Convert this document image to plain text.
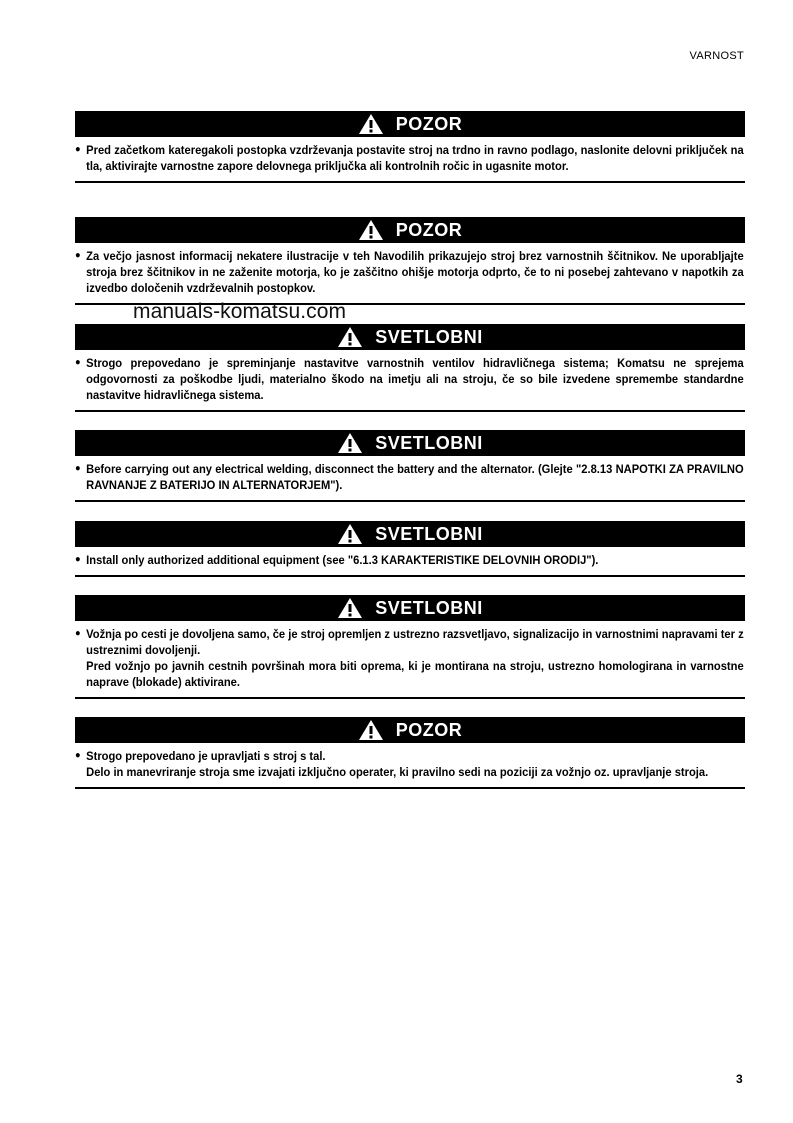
VARNOST
POZOR
● Pred začetkom kateregakoli postopka vzdrževanja postavite stroj na trdno in ravno podlago, naslonite delovni priključek na tla, aktivirajte varnostne zapore delovnega priključka ali kontrolnih ročic in ugasnite motor.

POZOR
● Za večjo jasnost informacij nekatere ilustracije v teh Navodilih prikazujejo stroj brez varnostnih ščitnikov. Ne uporabljajte stroja brez ščitnikov in ne zaženite motorja, ko je zaščitno ohišje motorja odprto, če to ni posebej zahtevano v napotkih za izvedbo določenih vzdrževalnih postopkov.

manuals-komatsu.com
SVETLOBNI
● Strogo prepovedano je spreminjanje nastavitve varnostnih ventilov hidravličnega sistema; Komatsu ne sprejema odgovornosti za poškodbe ljudi, materialno škodo na imetju ali na stroju, če so bile izvedene spremembe standardne nastavitve hidravličnega sistema.

SVETLOBNI
● Before carrying out any electrical welding, disconnect the battery and the alternator. (Glejte "2.8.13 NAPOTKI ZA PRAVILNO RAVNANJE Z BATERIJO IN ALTERNATORJEM").

SVETLOBNI
● Install only authorized additional equipment (see "6.1.3 KARAKTERISTIKE DELOVNIH ORODIJ").

SVETLOBNI
● Vožnja po cesti je dovoljena samo, če je stroj opremljen z ustrezno razsvetljavo, signalizacijo in varnostnimi napravami ter z ustreznimi dovoljenji.

Pred vožnjo po javnih cestnih površinah mora biti oprema, ki je montirana na stroju, ustrezno homologirana in varnostne naprave (blokade) aktivirane.

POZOR
● Strogo prepovedano je upravljati s stroj s tal.

Delo in manevriranje stroja sme izvajati izključno operater, ki pravilno sedi na poziciji za vožnjo oz. upravljanje stroja.

3
